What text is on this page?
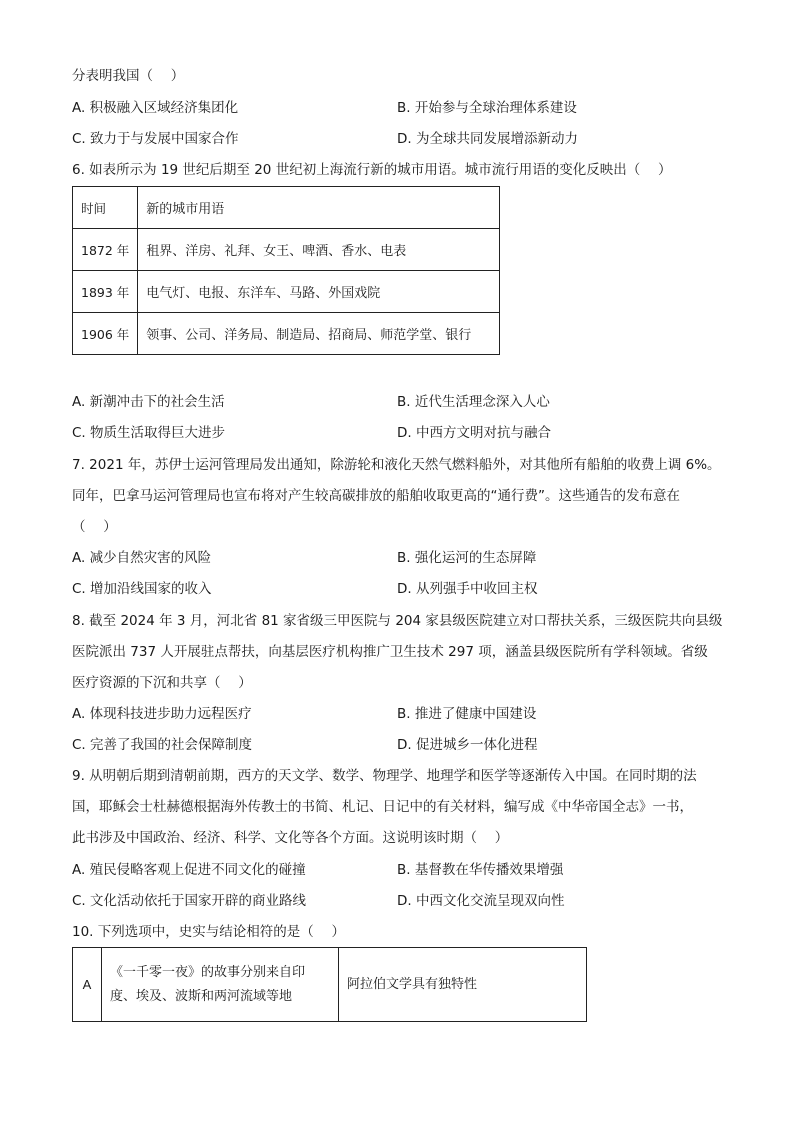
分表明我国（　 ）
A. 积极融入区域经济集团化	B. 开始参与全球治理体系建设
C. 致力于与发展中国家合作	D. 为全球共同发展增添新动力
6. 如表所示为 19 世纪后期至 20 世纪初上海流行新的城市用语。城市流行用语的变化反映出（　 ）
时间	新的城市用语
1872 年	租界、洋房、礼拜、女王、啤酒、香水、电表
1893 年	电气灯、电报、东洋车、马路、外国戏院
1906 年	领事、公司、洋务局、制造局、招商局、师范学堂、银行
A. 新潮冲击下的社会生活	B. 近代生活理念深入人心
C. 物质生活取得巨大进步	D. 中西方文明对抗与融合
7. 2021 年，苏伊士运河管理局发出通知，除游轮和液化天然气燃料船外，对其他所有船舶的收费上调 6%。
同年，巴拿马运河管理局也宣布将对产生较高碳排放的船舶收取更高的“通行费”。这些通告的发布意在
（　 ）
A. 减少自然灾害的风险	B. 强化运河的生态屏障
C. 增加沿线国家的收入	D. 从列强手中收回主权
8. 截至 2024 年 3 月，河北省 81 家省级三甲医院与 204 家县级医院建立对口帮扶关系，三级医院共向县级
医院派出 737 人开展驻点帮扶，向基层医疗机构推广卫生技术 297 项，涵盖县级医院所有学科领域。省级
医疗资源的下沉和共享（　 ）
A. 体现科技进步助力远程医疗	B. 推进了健康中国建设
C. 完善了我国的社会保障制度	D. 促进城乡一体化进程
9. 从明朝后期到清朝前期，西方的天文学、数学、物理学、地理学和医学等逐渐传入中国。在同时期的法
国，耶稣会士杜赫德根据海外传教士的书简、札记、日记中的有关材料，编写成《中华帝国全志》一书，
此书涉及中国政治、经济、科学、文化等各个方面。这说明该时期（　 ）
A. 殖民侵略客观上促进不同文化的碰撞	B. 基督教在华传播效果增强
C. 文化活动依托于国家开辟的商业路线	D. 中西文化交流呈现双向性
10. 下列选项中，史实与结论相符的是（　 ）
A	《一千零一夜》的故事分别来自印度、埃及、波斯和两河流域等地	阿拉伯文学具有独特性
